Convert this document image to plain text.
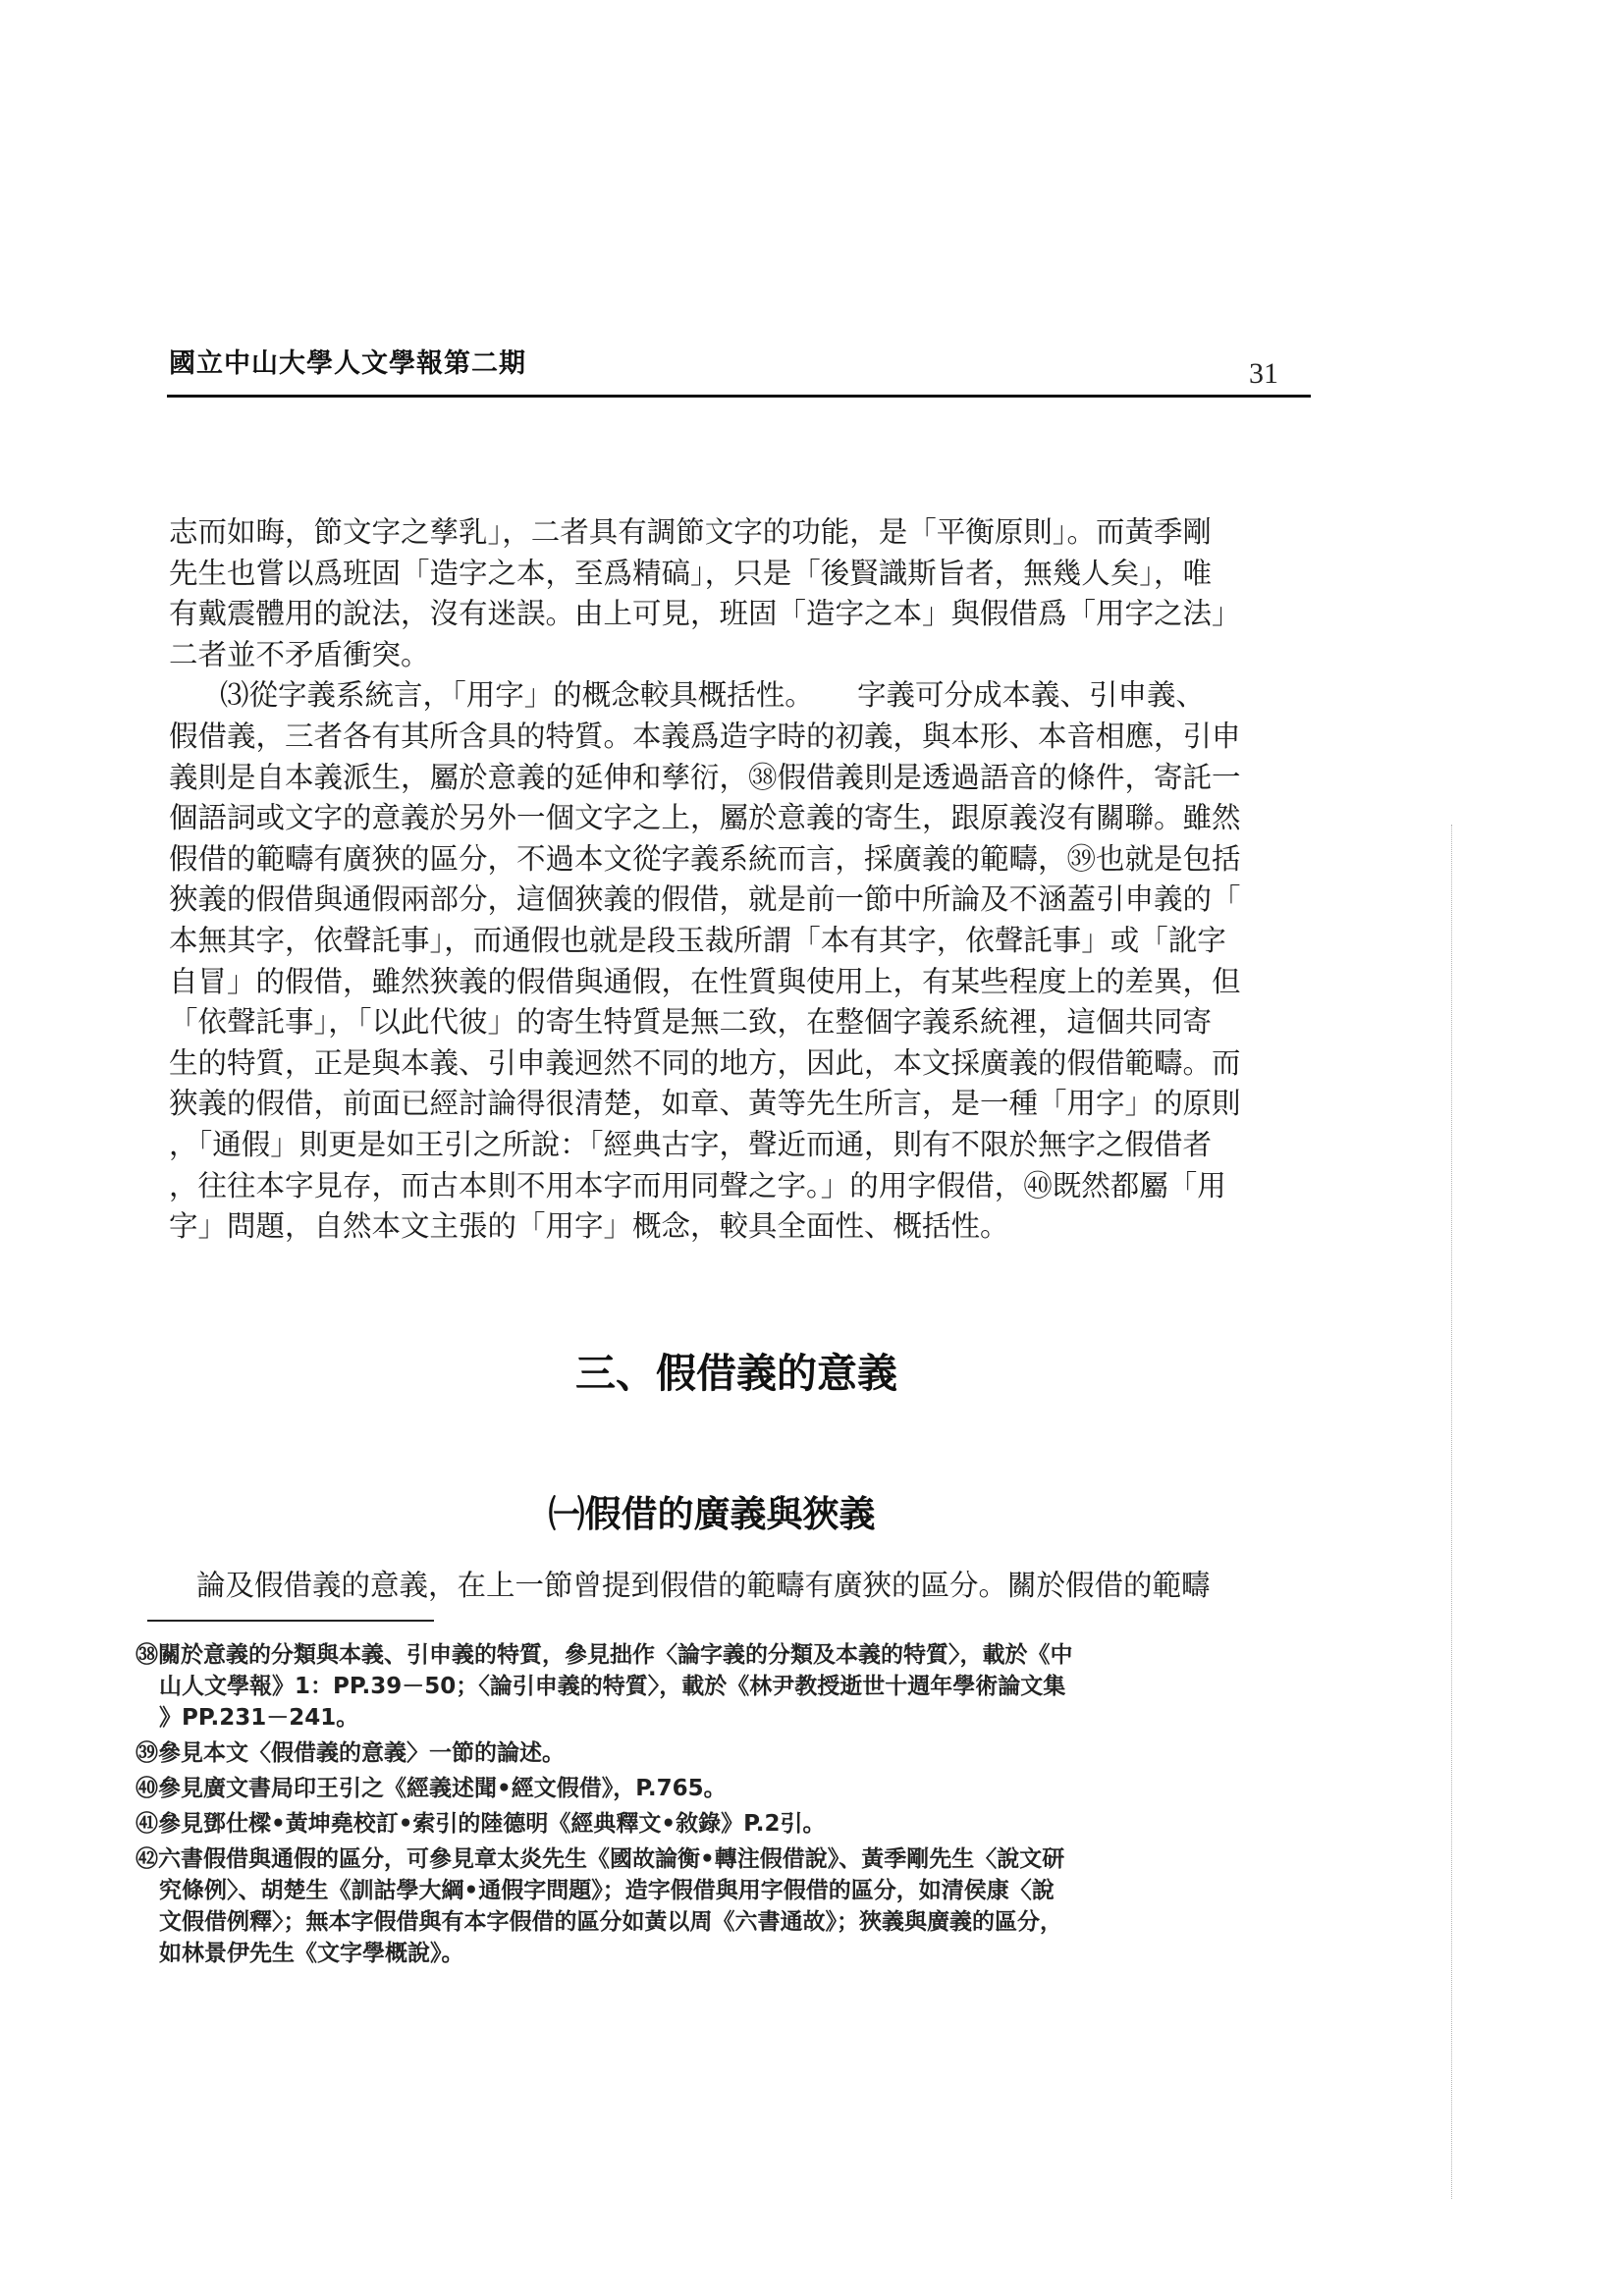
國立中山大學人文學報第二期	31
志而如晦，節文字之孳乳」，二者具有調節文字的功能，是「平衡原則」。而黃季剛
先生也嘗以爲班固「造字之本，至爲精碻」，只是「後賢識斯旨者，無幾人矣」，唯
有戴震體用的說法，沒有迷誤。由上可見，班固「造字之本」與假借爲「用字之法」
二者並不矛盾衝突。
⑶從字義系統言，「用字」的概念較具概括性。　　字義可分成本義、引申義、
假借義，三者各有其所含具的特質。本義爲造字時的初義，與本形、本音相應，引申
義則是自本義派生，屬於意義的延伸和孳衍，㊳假借義則是透過語音的條件，寄託一
個語詞或文字的意義於另外一個文字之上，屬於意義的寄生，跟原義沒有關聯。雖然
假借的範疇有廣狹的區分，不過本文從字義系統而言，採廣義的範疇，㊴也就是包括
狹義的假借與通假兩部分，這個狹義的假借，就是前一節中所論及不涵蓋引申義的「
本無其字，依聲託事」，而通假也就是段玉裁所謂「本有其字，依聲託事」或「訛字
自冒」的假借，雖然狹義的假借與通假，在性質與使用上，有某些程度上的差異，但
「依聲託事」，「以此代彼」的寄生特質是無二致，在整個字義系統裡，這個共同寄
生的特質，正是與本義、引申義迥然不同的地方，因此，本文採廣義的假借範疇。而
狹義的假借，前面已經討論得很清楚，如章、黃等先生所言，是一種「用字」的原則
，「通假」則更是如王引之所說：「經典古字，聲近而通，則有不限於無字之假借者
，往往本字見存，而古本則不用本字而用同聲之字。」的用字假借，㊵既然都屬「用
字」問題，自然本文主張的「用字」概念，較具全面性、概括性。
三、假借義的意義
㈠假借的廣義與狹義
論及假借義的意義，在上一節曾提到假借的範疇有廣狹的區分。關於假借的範疇
㊳關於意義的分類與本義、引申義的特質，參見拙作〈論字義的分類及本義的特質〉，載於《中
山人文學報》1：PP.39－50；〈論引申義的特質〉，載於《林尹教授逝世十週年學術論文集
》PP.231－241。
㊴參見本文〈假借義的意義〉一節的論述。
㊵參見廣文書局印王引之《經義述聞•經文假借》，P.765。
㊶參見鄧仕樑•黃坤堯校訂•索引的陸德明《經典釋文•敘錄》P.2引。
㊷六書假借與通假的區分，可參見章太炎先生《國故論衡•轉注假借說》、黃季剛先生〈說文研
究條例〉、胡楚生《訓詁學大綱•通假字問題》；造字假借與用字假借的區分，如清侯康〈說
文假借例釋〉；無本字假借與有本字假借的區分如黃以周《六書通故》；狹義與廣義的區分，
如林景伊先生《文字學概說》。
